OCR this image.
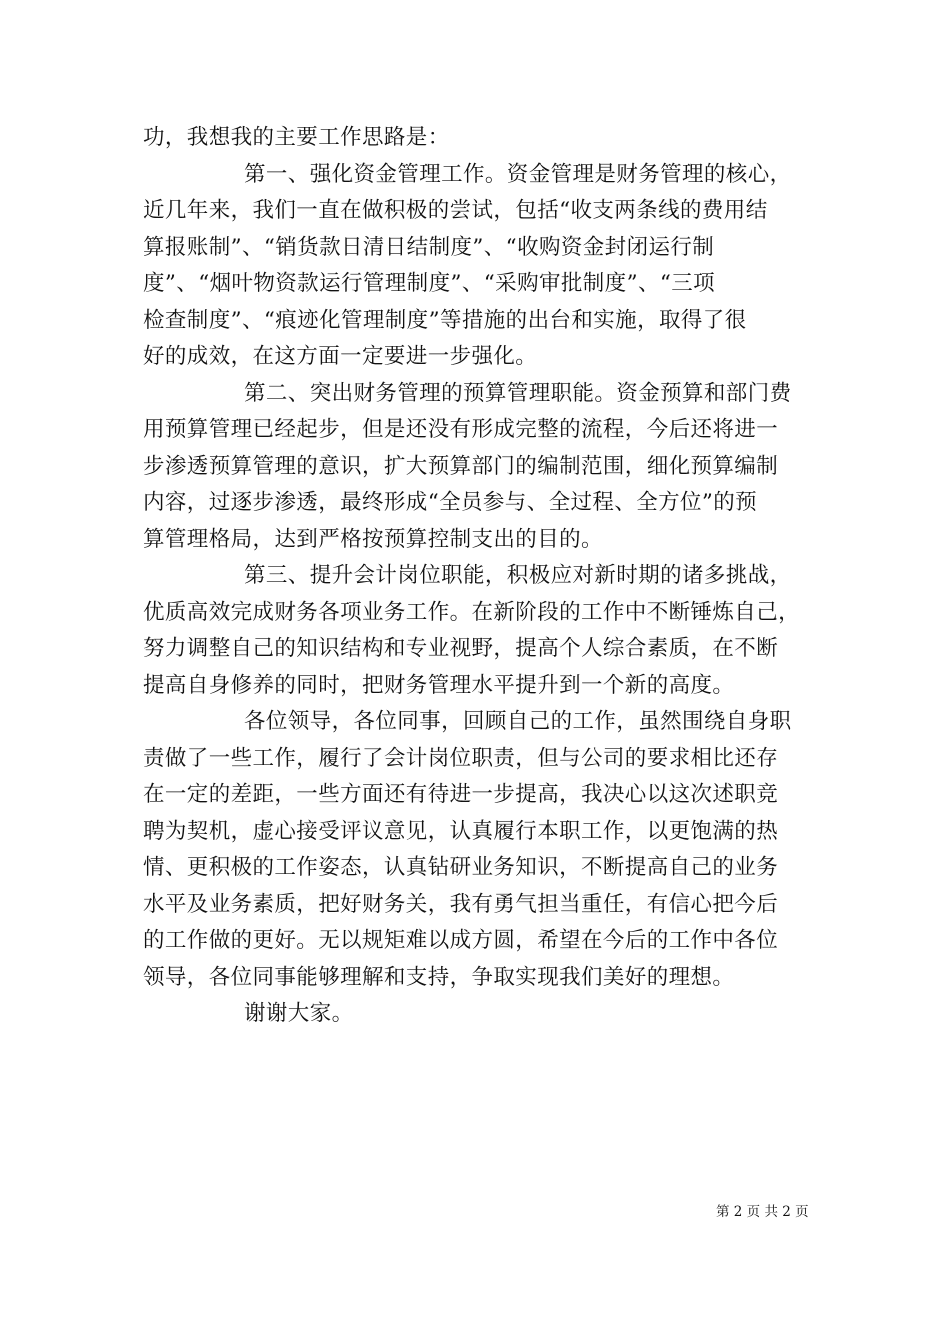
功，我想我的主要工作思路是：
第一、强化资金管理工作。资金管理是财务管理的核心，
近几年来，我们一直在做积极的尝试，包括“收支两条线的费用结
算报账制”、“销货款日清日结制度”、“收购资金封闭运行制
度”、“烟叶物资款运行管理制度”、“采购审批制度”、“三项
检查制度”、“痕迹化管理制度”等措施的出台和实施，取得了很
好的成效，在这方面一定要进一步强化。
第二、突出财务管理的预算管理职能。资金预算和部门费
用预算管理已经起步，但是还没有形成完整的流程，今后还将进一
步渗透预算管理的意识，扩大预算部门的编制范围，细化预算编制
内容，过逐步渗透，最终形成“全员参与、全过程、全方位”的预
算管理格局，达到严格按预算控制支出的目的。
第三、提升会计岗位职能，积极应对新时期的诸多挑战，
优质高效完成财务各项业务工作。在新阶段的工作中不断锤炼自己，
努力调整自己的知识结构和专业视野，提高个人综合素质，在不断
提高自身修养的同时，把财务管理水平提升到一个新的高度。
各位领导，各位同事，回顾自己的工作，虽然围绕自身职
责做了一些工作，履行了会计岗位职责，但与公司的要求相比还存
在一定的差距，一些方面还有待进一步提高，我决心以这次述职竞
聘为契机，虚心接受评议意见，认真履行本职工作，以更饱满的热
情、更积极的工作姿态，认真钻研业务知识，不断提高自己的业务
水平及业务素质，把好财务关，我有勇气担当重任，有信心把今后
的工作做的更好。无以规矩难以成方圆，希望在今后的工作中各位
领导，各位同事能够理解和支持，争取实现我们美好的理想。
谢谢大家。
第 2 页 共 2 页
